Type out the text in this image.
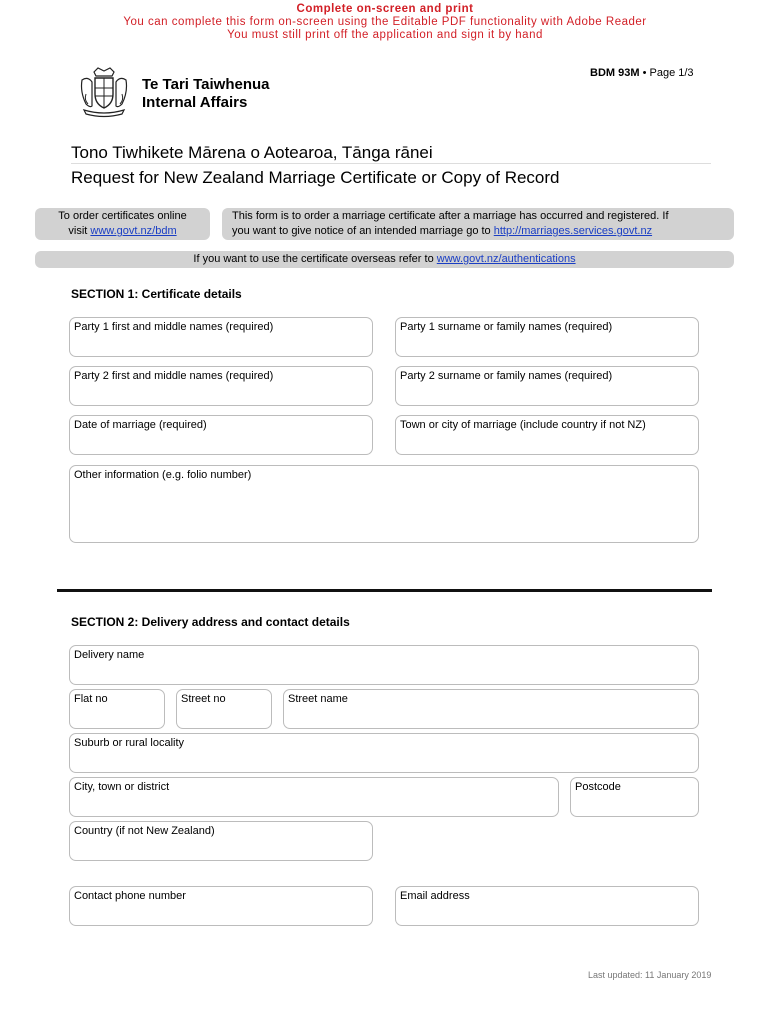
Complete on-screen and print
You can complete this form on-screen using the Editable PDF functionality with Adobe Reader
You must still print off the application and sign it by hand
Te Tari Taiwhenua
Internal Affairs
BDM 93M • Page 1/3
Tono Tiwhikete Mārena o Aotearoa, Tānga rānei
Request for New Zealand Marriage Certificate or Copy of Record
To order certificates online
visit www.govt.nz/bdm
This form is to order a marriage certificate after a marriage has occurred and registered. If
you want to give notice of an intended marriage go to http://marriages.services.govt.nz
If you want to use the certificate overseas refer to www.govt.nz/authentications
SECTION 1: Certificate details
Party 1 first and middle names (required)	Party 1 surname or family names (required)
Party 2 first and middle names (required)	Party 2 surname or family names (required)
Date of marriage (required)	Town or city of marriage (include country if not NZ)
Other information (e.g. folio number)
SECTION 2: Delivery address and contact details
Delivery name
Flat no	Street no	Street name
Suburb or rural locality
City, town or district	Postcode
Country (if not New Zealand)
Contact phone number	Email address
Last updated: 11 January 2019
